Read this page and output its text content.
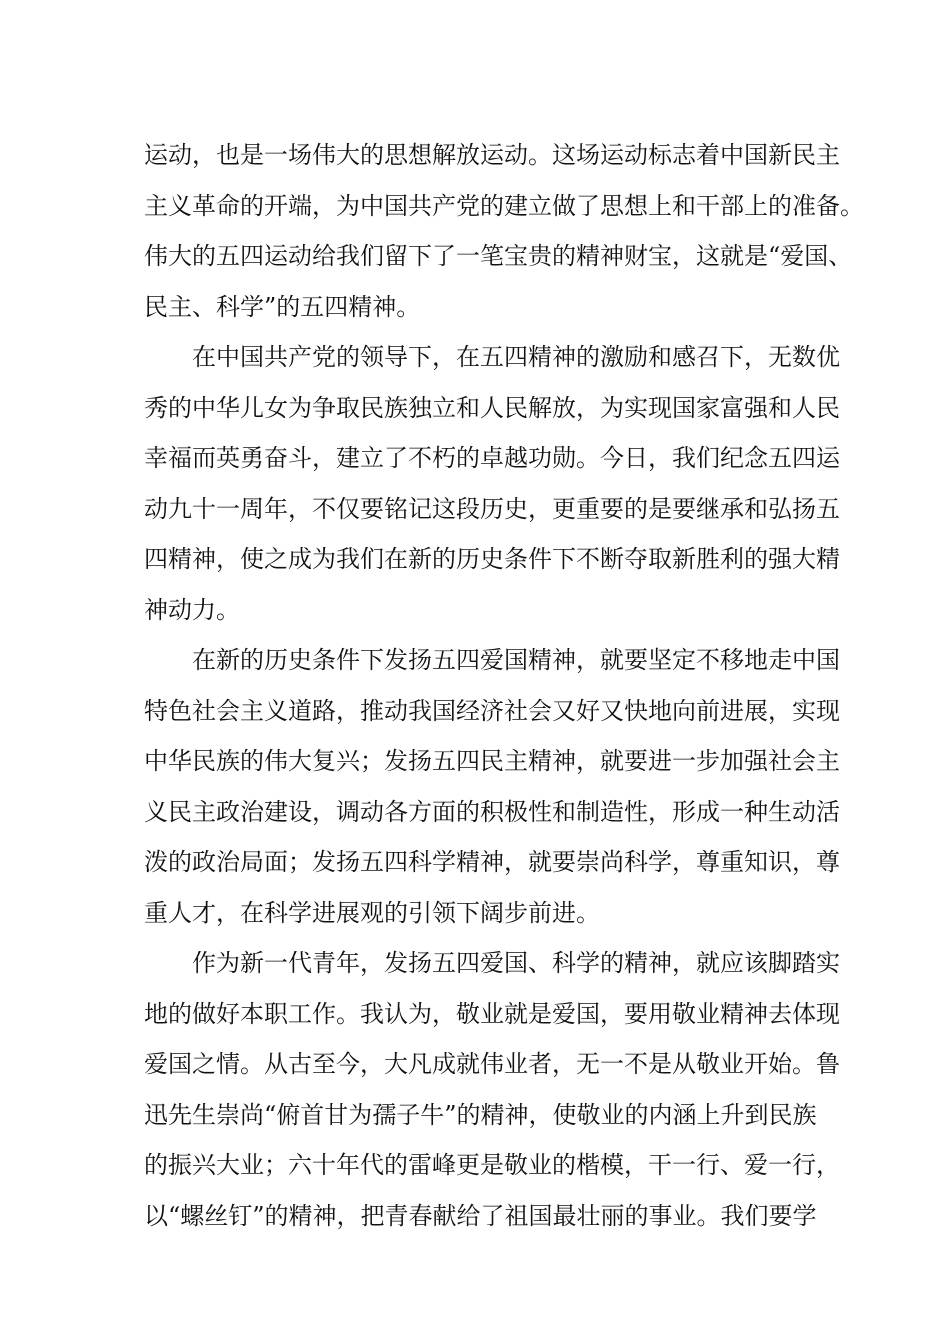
运动，也是一场伟大的思想解放运动。这场运动标志着中国新民主
主义革命的开端，为中国共产党的建立做了思想上和干部上的准备。
伟大的五四运动给我们留下了一笔宝贵的精神财宝，这就是“爱国、
民主、科学”的五四精神。
在中国共产党的领导下，在五四精神的激励和感召下，无数优
秀的中华儿女为争取民族独立和人民解放，为实现国家富强和人民
幸福而英勇奋斗，建立了不朽的卓越功勋。今日，我们纪念五四运
动九十一周年，不仅要铭记这段历史，更重要的是要继承和弘扬五
四精神，使之成为我们在新的历史条件下不断夺取新胜利的强大精
神动力。
在新的历史条件下发扬五四爱国精神，就要坚定不移地走中国
特色社会主义道路，推动我国经济社会又好又快地向前进展，实现
中华民族的伟大复兴；发扬五四民主精神，就要进一步加强社会主
义民主政治建设，调动各方面的积极性和制造性，形成一种生动活
泼的政治局面；发扬五四科学精神，就要崇尚科学，尊重知识，尊
重人才，在科学进展观的引领下阔步前进。
作为新一代青年，发扬五四爱国、科学的精神，就应该脚踏实
地的做好本职工作。我认为，敬业就是爱国，要用敬业精神去体现
爱国之情。从古至今，大凡成就伟业者，无一不是从敬业开始。鲁
迅先生崇尚“俯首甘为孺子牛”的精神，使敬业的内涵上升到民族
的振兴大业；六十年代的雷峰更是敬业的楷模，干一行、爱一行，
以“螺丝钉”的精神，把青春献给了祖国最壮丽的事业。我们要学
